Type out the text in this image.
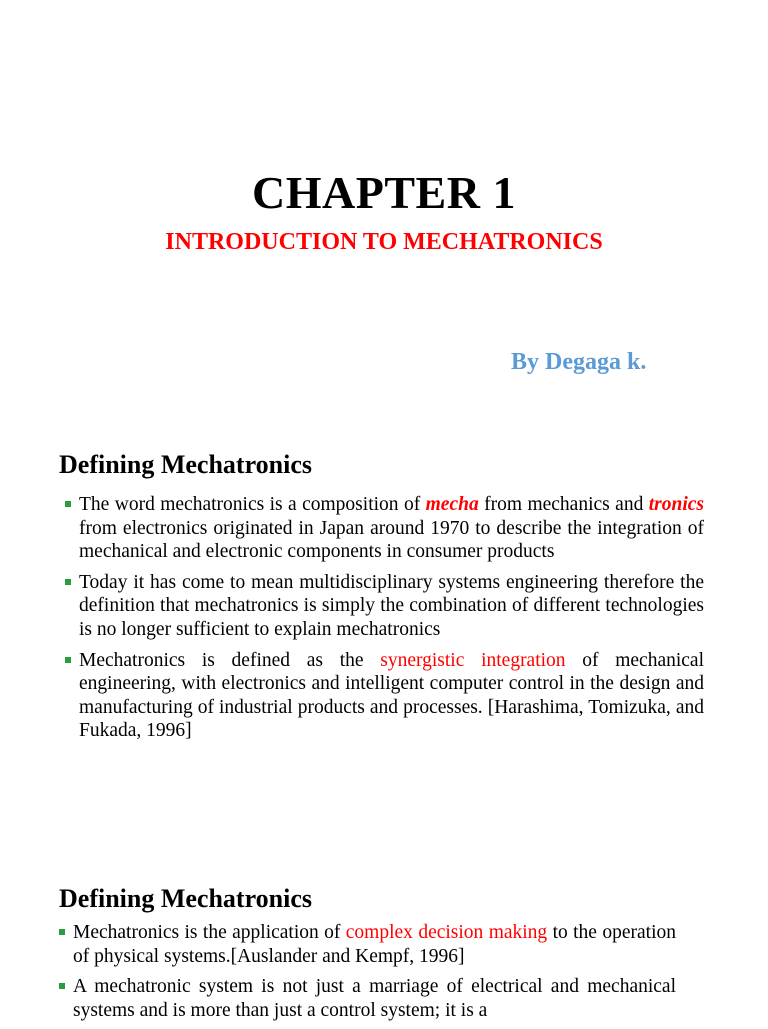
CHAPTER 1
INTRODUCTION TO MECHATRONICS
By Degaga k.
Defining Mechatronics
The word mechatronics is a composition of mecha from mechanics and tronics from electronics originated in Japan around 1970 to describe the integration of mechanical and electronic components in consumer products
Today it has come to mean multidisciplinary systems engineering therefore the definition that mechatronics is simply the combination of different technologies is no longer sufficient to explain mechatronics
Mechatronics is defined as the synergistic integration of mechanical engineering, with electronics and intelligent computer control in the design and manufacturing of industrial products and processes. [Harashima, Tomizuka, and Fukada, 1996]
Defining Mechatronics
Mechatronics is the application of complex decision making to the operation of physical systems.[Auslander and Kempf, 1996]
A mechatronic system is not just a marriage of electrical and mechanical systems and is more than just a control system; it is a
